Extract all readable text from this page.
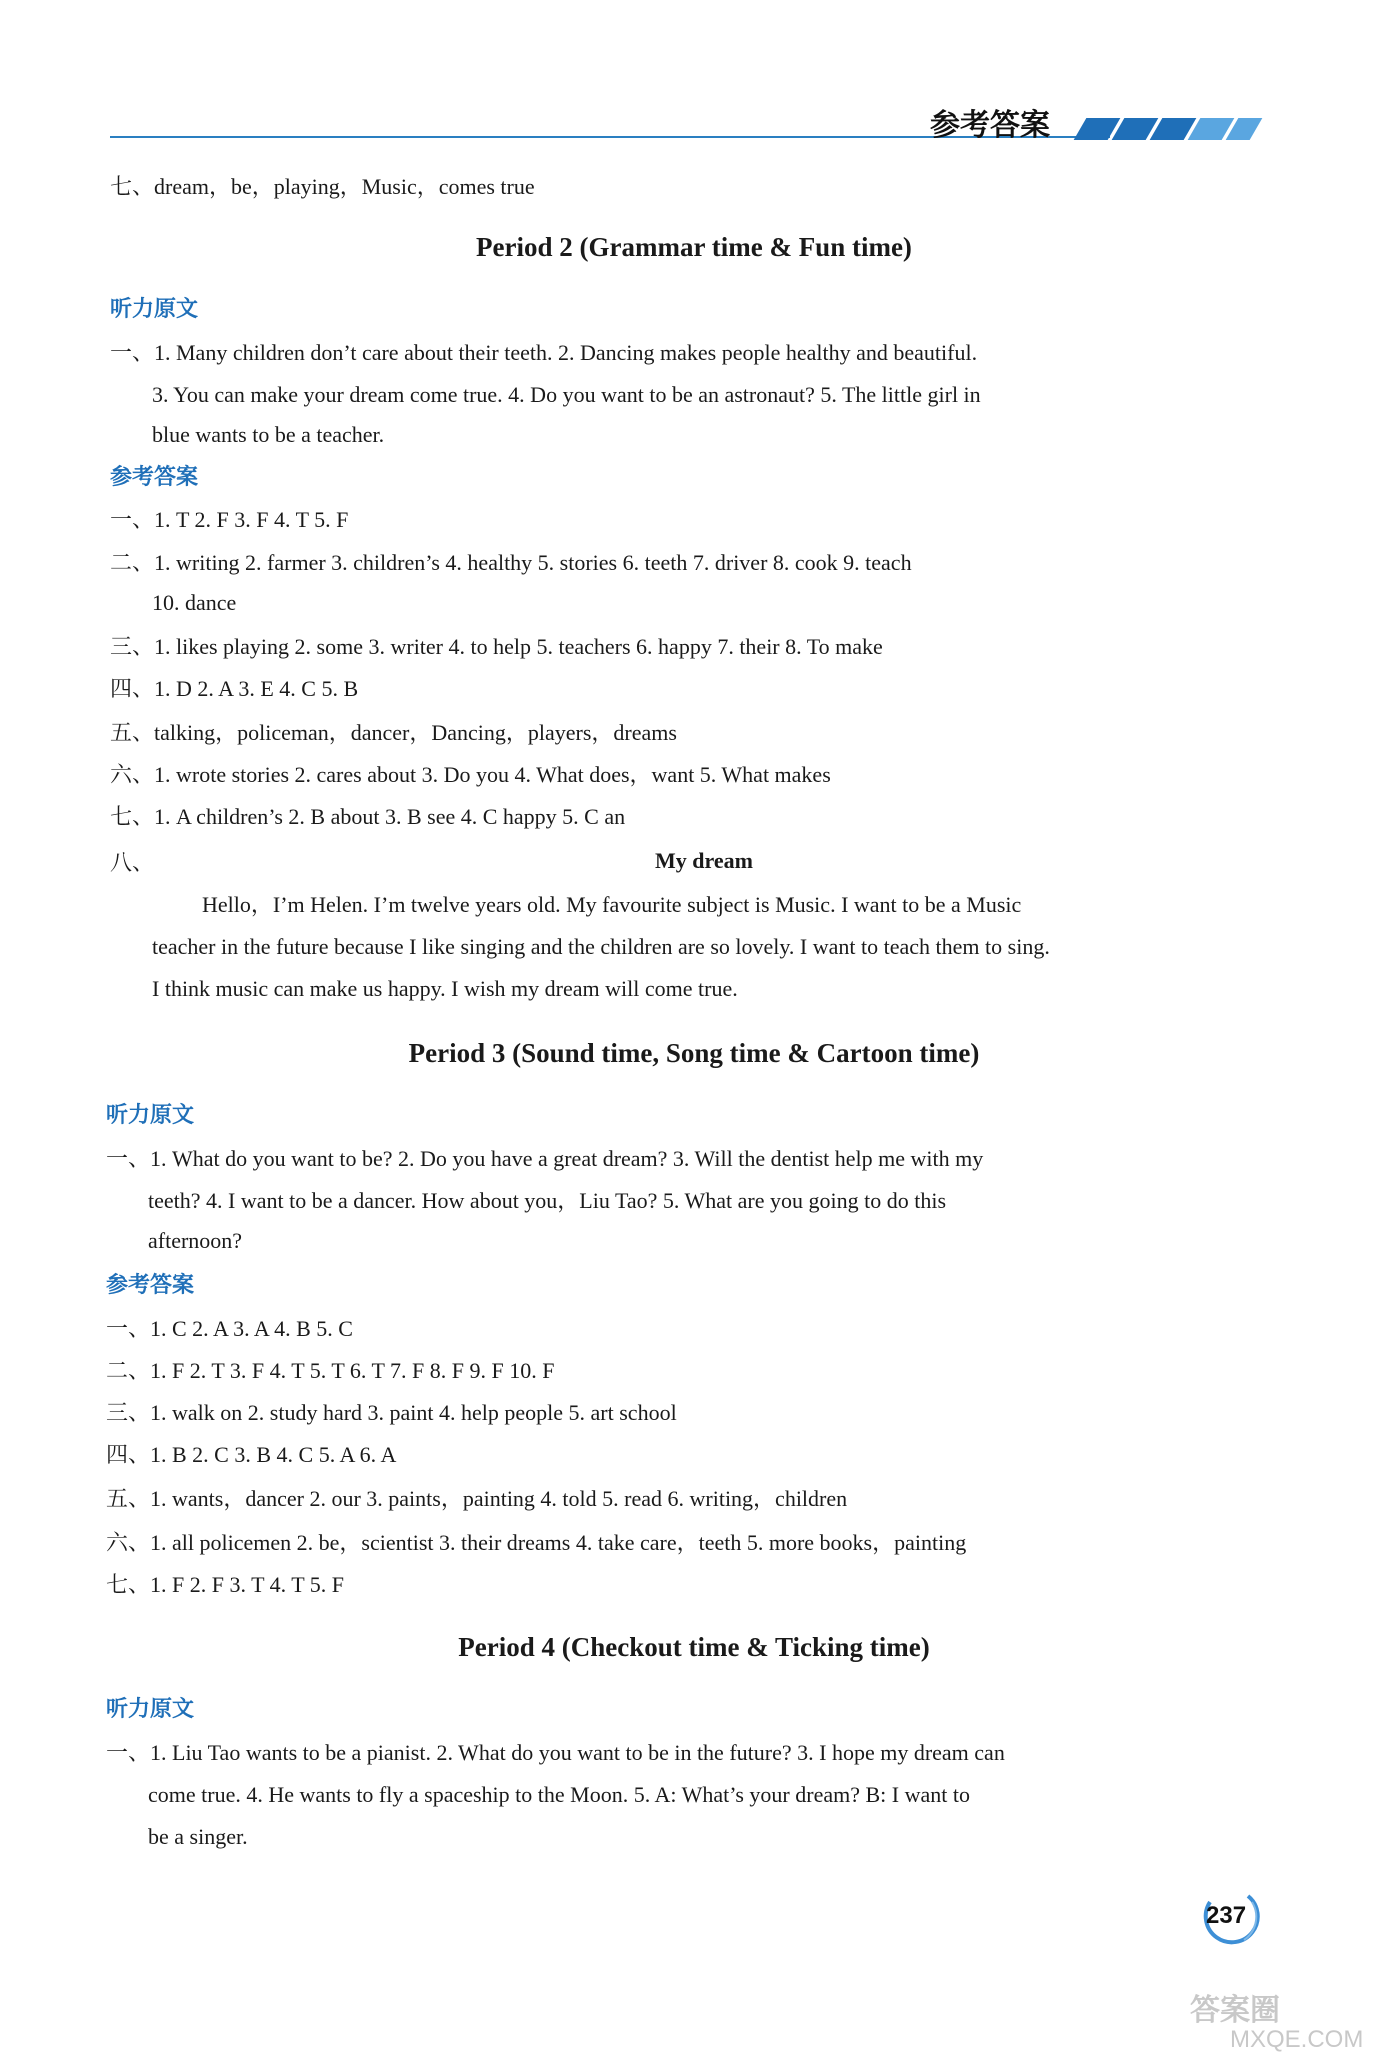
参考答案
七、dream，be，playing，Music，comes true
Period 2 (Grammar time & Fun time)
听力原文
一、1. Many children don’t care about their teeth. 2. Dancing makes people healthy and beautiful.
3. You can make your dream come true. 4. Do you want to be an astronaut? 5. The little girl in
blue wants to be a teacher.
参考答案
一、1. T 2. F 3. F 4. T 5. F
二、1. writing 2. farmer 3. children’s 4. healthy 5. stories 6. teeth 7. driver 8. cook 9. teach
10. dance
三、1. likes playing 2. some 3. writer 4. to help 5. teachers 6. happy 7. their 8. To make
四、1. D 2. A 3. E 4. C 5. B
五、talking，policeman，dancer，Dancing，players，dreams
六、1. wrote stories 2. cares about 3. Do you 4. What does，want 5. What makes
七、1. A children’s 2. B about 3. B see 4. C happy 5. C an
八、	My dream
Hello，I’m Helen. I’m twelve years old. My favourite subject is Music. I want to be a Music
teacher in the future because I like singing and the children are so lovely. I want to teach them to sing.
I think music can make us happy. I wish my dream will come true.
Period 3 (Sound time, Song time & Cartoon time)
听力原文
一、1. What do you want to be? 2. Do you have a great dream? 3. Will the dentist help me with my
teeth? 4. I want to be a dancer. How about you，Liu Tao? 5. What are you going to do this
afternoon?
参考答案
一、1. C 2. A 3. A 4. B 5. C
二、1. F 2. T 3. F 4. T 5. T 6. T 7. F 8. F 9. F 10. F
三、1. walk on 2. study hard 3. paint 4. help people 5. art school
四、1. B 2. C 3. B 4. C 5. A 6. A
五、1. wants，dancer 2. our 3. paints，painting 4. told 5. read 6. writing，children
六、1. all policemen 2. be，scientist 3. their dreams 4. take care，teeth 5. more books，painting
七、1. F 2. F 3. T 4. T 5. F
Period 4 (Checkout time & Ticking time)
听力原文
一、1. Liu Tao wants to be a pianist. 2. What do you want to be in the future? 3. I hope my dream can
come true. 4. He wants to fly a spaceship to the Moon. 5. A: What’s your dream? B: I want to
be a singer.
237
答案圈
MXQE.COM
